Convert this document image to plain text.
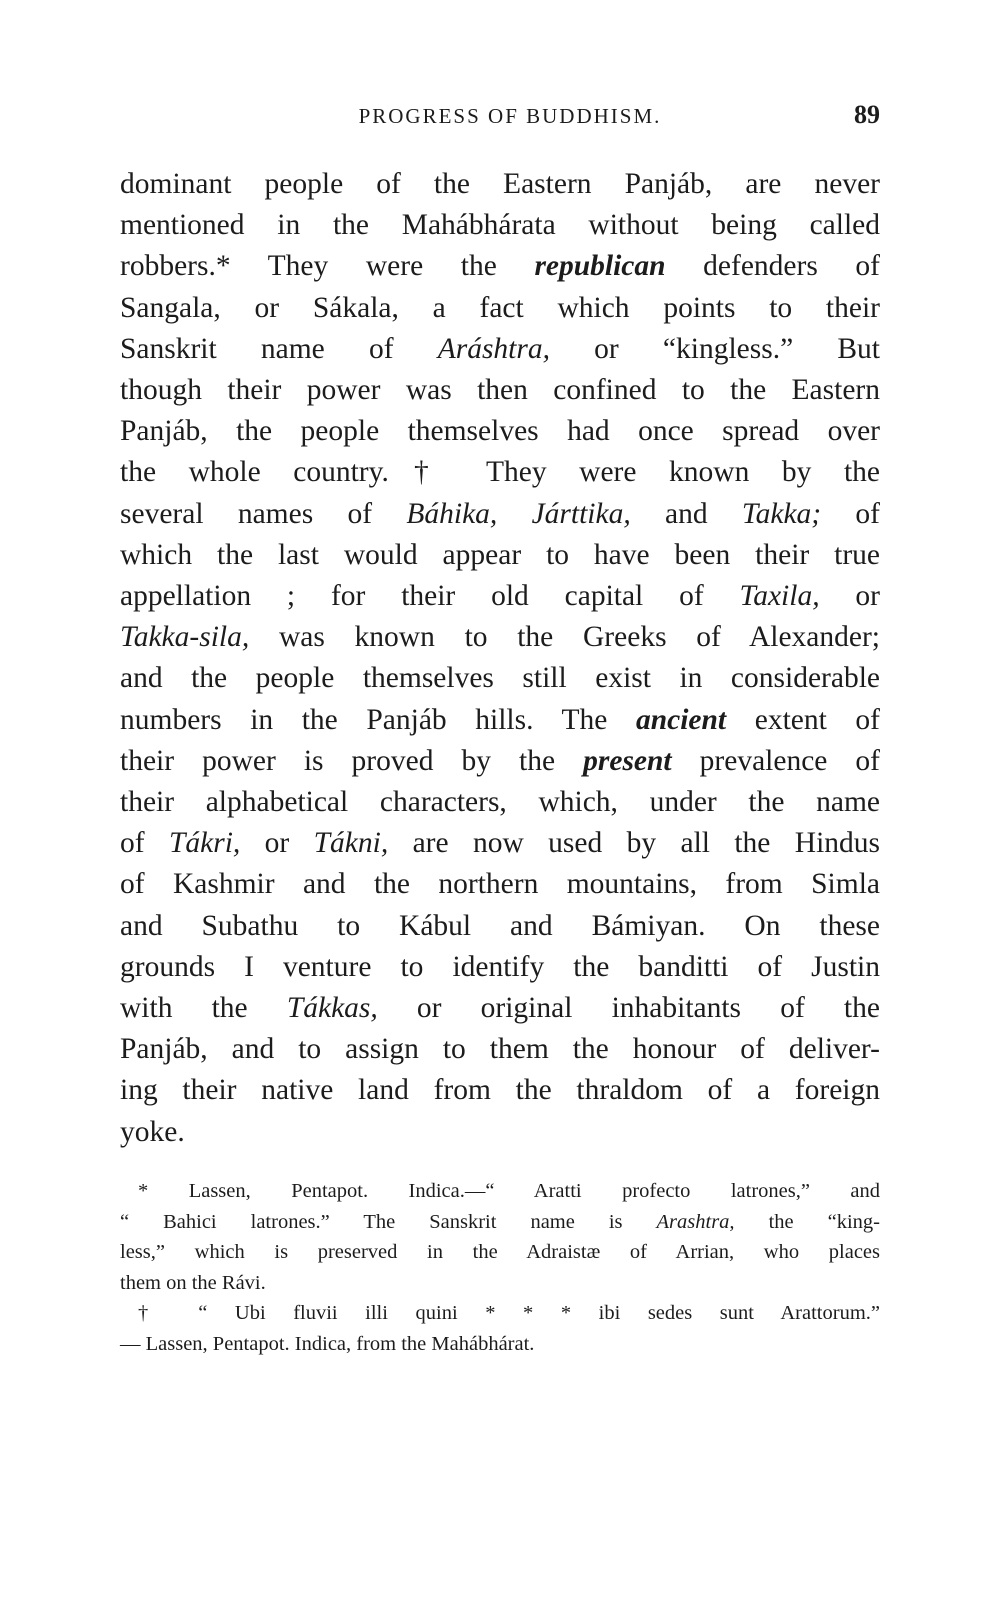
PROGRESS OF BUDDHISM.	89
dominant people of the Eastern Panjáb, are never
mentioned in the Mahábhárata without being called
robbers.* They were the republican defenders of
Sangala, or Sákala, a fact which points to their
Sanskrit name of Aráshtra, or “kingless.” But
though their power was then confined to the Eastern
Panjáb, the people themselves had once spread over
the whole country.† They were known by the
several names of Báhika, Járttika, and Takka; of
which the last would appear to have been their true
appellation ; for their old capital of Taxila, or
Takka-sila, was known to the Greeks of Alexander;
and the people themselves still exist in considerable
numbers in the Panjáb hills. The ancient extent of
their power is proved by the present prevalence of
their alphabetical characters, which, under the name
of Tákri, or Tákni, are now used by all the Hindus
of Kashmir and the northern mountains, from Simla
and Subathu to Kábul and Bámiyan. On these
grounds I venture to identify the banditti of Justin
with the Tákkas, or original inhabitants of the
Panjáb, and to assign to them the honour of deliver-
ing their native land from the thraldom of a foreign
yoke.
* Lassen, Pentapot. Indica.—“ Aratti profecto latrones,” and
“ Bahici latrones.” The Sanskrit name is Arashtra, the “king-
less,” which is preserved in the Adraistæ of Arrian, who places
them on the Rávi.
† “ Ubi fluvii illi quini * * * ibi sedes sunt Arattorum.”
— Lassen, Pentapot. Indica, from the Mahábhárat.
